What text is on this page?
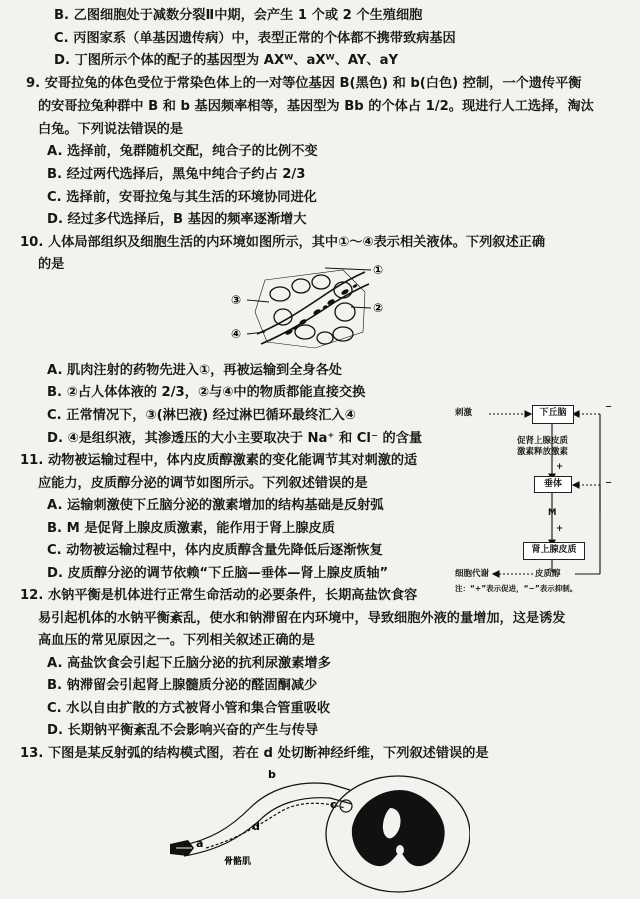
B. 乙图细胞处于减数分裂Ⅱ中期，会产生 1 个或 2 个生殖细胞
C. 丙图家系（单基因遗传病）中，表型正常的个体都不携带致病基因
D. 丁图所示个体的配子的基因型为 AXᵂ、aXᵂ、AY、aY
9. 安哥拉兔的体色受位于常染色体上的一对等位基因 B(黑色) 和 b(白色) 控制，一个遗传平衡
的安哥拉兔种群中 B 和 b 基因频率相等，基因型为 Bb 的个体占 1/2。现进行人工选择，淘汰
白兔。下列说法错误的是
A. 选择前，兔群随机交配，纯合子的比例不变
B. 经过两代选择后，黑兔中纯合子约占 2/3
C. 选择前，安哥拉兔与其生活的环境协同进化
D. 经过多代选择后，B 基因的频率逐渐增大
10. 人体局部组织及细胞生活的内环境如图所示，其中①～④表示相关液体。下列叙述正确
的是	①
②
③
④
A. 肌肉注射的药物先进入①，再被运输到全身各处
B. ②占人体体液的 2/3，②与④中的物质都能直接交换
C. 正常情况下，③(淋巴液) 经过淋巴循环最终汇入④
D. ④是组织液，其渗透压的大小主要取决于 Na⁺ 和 Cl⁻ 的含量
11. 动物被运输过程中，体内皮质醇激素的变化能调节其对刺激的适
应能力，皮质醇分泌的调节如图所示。下列叙述错误的是
A. 运输刺激使下丘脑分泌的激素增加的结构基础是反射弧
B. M 是促肾上腺皮质激素，能作用于肾上腺皮质
C. 动物被运输过程中，体内皮质醇含量先降低后逐渐恢复
D. 皮质醇分泌的调节依赖“下丘脑—垂体—肾上腺皮质轴”
刺激	下丘脑
−
促肾上腺皮质
激素释放激素
+
垂体	−
M
+
肾上腺皮质
细胞代谢	皮质醇
注：“+”表示促进，“−”表示抑制。
12. 水钠平衡是机体进行正常生命活动的必要条件，长期高盐饮食容
易引起机体的水钠平衡紊乱，使水和钠滞留在内环境中，导致细胞外液的量增加，这是诱发
高血压的常见原因之一。下列相关叙述正确的是
A. 高盐饮食会引起下丘脑分泌的抗利尿激素增多
B. 钠滞留会引起肾上腺髓质分泌的醛固酮减少
C. 水以自由扩散的方式被肾小管和集合管重吸收
D. 长期钠平衡紊乱不会影响兴奋的产生与传导
13. 下图是某反射弧的结构模式图，若在 d 处切断神经纤维，下列叙述错误的是
a
b
c
d
骨骼肌
